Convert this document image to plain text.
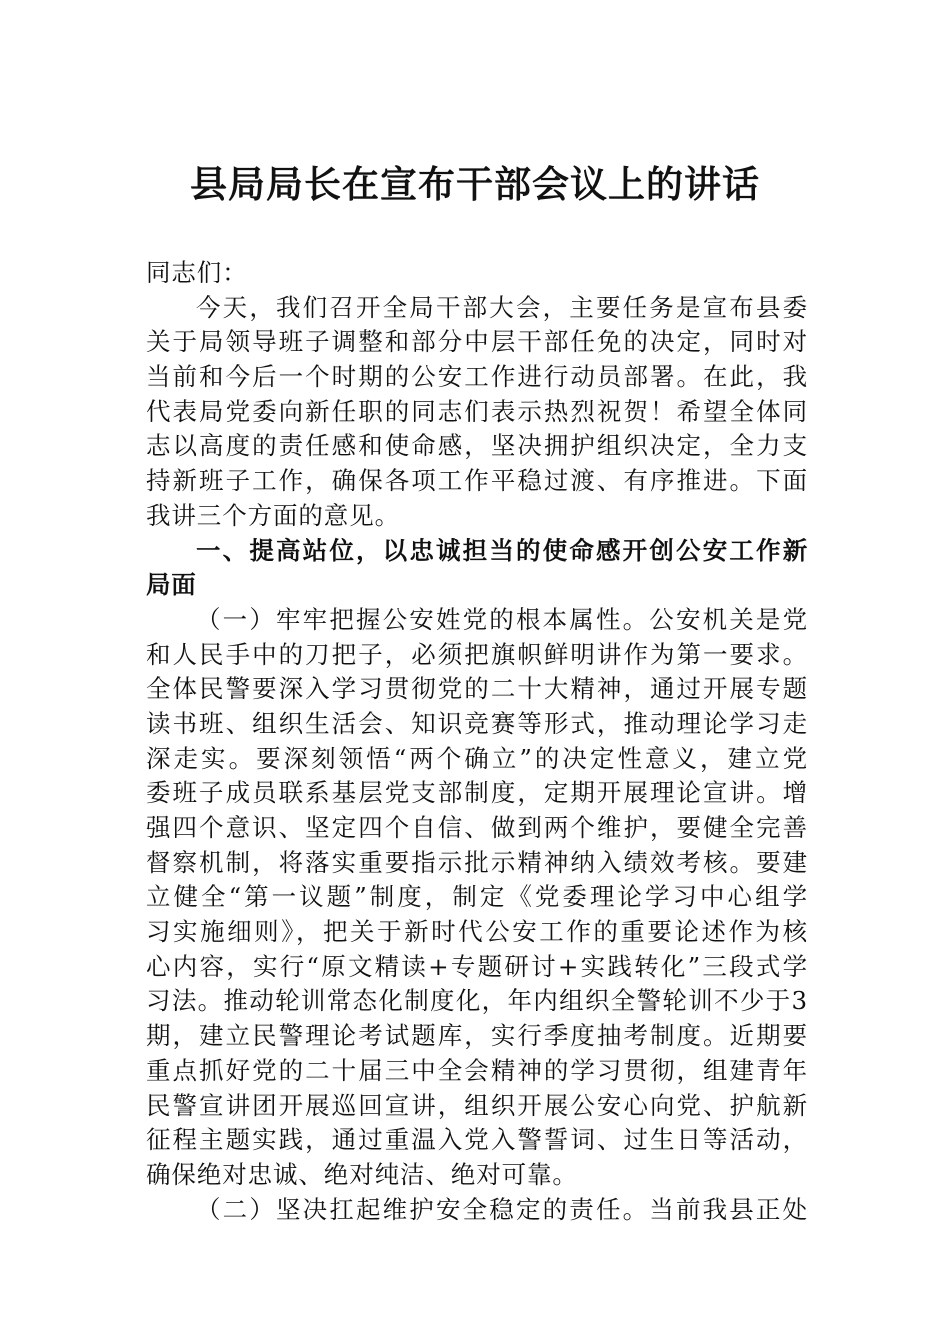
县局局长在宣布干部会议上的讲话
同志们：
今天，我们召开全局干部大会，主要任务是宣布县委
关于局领导班子调整和部分中层干部任免的决定，同时对
当前和今后一个时期的公安工作进行动员部署。在此，我
代表局党委向新任职的同志们表示热烈祝贺！希望全体同
志以高度的责任感和使命感，坚决拥护组织决定，全力支
持新班子工作，确保各项工作平稳过渡、有序推进。下面
我讲三个方面的意见。
一、提高站位，以忠诚担当的使命感开创公安工作新
局面
（一）牢牢把握公安姓党的根本属性。公安机关是党
和人民手中的刀把子，必须把旗帜鲜明讲作为第一要求。
全体民警要深入学习贯彻党的二十大精神，通过开展专题
读书班、组织生活会、知识竞赛等形式，推动理论学习走
深走实。要深刻领悟“两个确立”的决定性意义，建立党
委班子成员联系基层党支部制度，定期开展理论宣讲。增
强四个意识、坚定四个自信、做到两个维护，要健全完善
督察机制，将落实重要指示批示精神纳入绩效考核。要建
立健全“第一议题”制度，制定《党委理论学习中心组学
习实施细则》，把关于新时代公安工作的重要论述作为核
心内容，实行“原文精读+专题研讨+实践转化”三段式学
习法。推动轮训常态化制度化，年内组织全警轮训不少于3
期，建立民警理论考试题库，实行季度抽考制度。近期要
重点抓好党的二十届三中全会精神的学习贯彻，组建青年
民警宣讲团开展巡回宣讲，组织开展公安心向党、护航新
征程主题实践，通过重温入党入警誓词、过生日等活动，
确保绝对忠诚、绝对纯洁、绝对可靠。
（二）坚决扛起维护安全稳定的责任。当前我县正处
